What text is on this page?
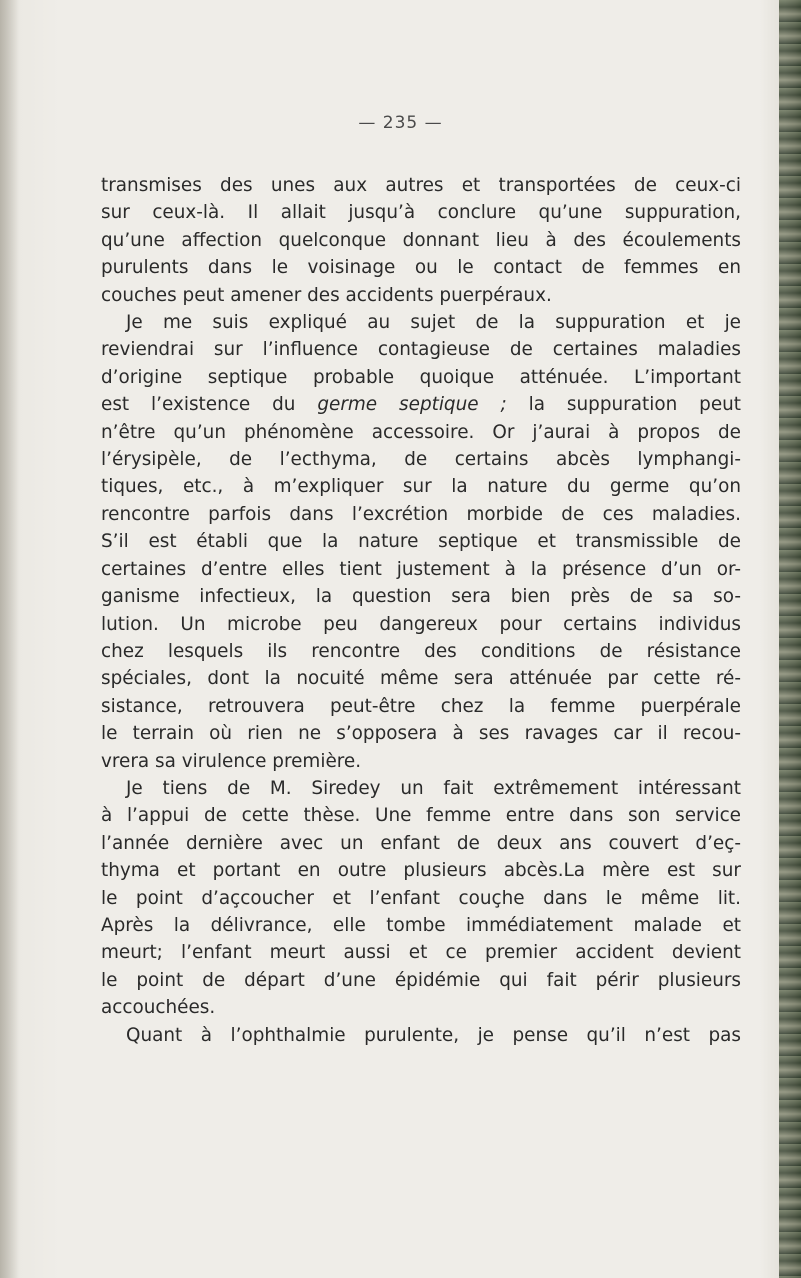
— 235 —
transmises des unes aux autres et transportées de ceux-ci
sur ceux-là. Il allait jusqu’à conclure qu’une suppuration,
qu’une affection quelconque donnant lieu à des écoulements
purulents dans le voisinage ou le contact de femmes en
couches peut amener des accidents puerpéraux.
Je me suis expliqué au sujet de la suppuration et je
reviendrai sur l’influence contagieuse de certaines maladies
d’origine septique probable quoique atténuée. L’important
est l’existence du germe septique ; la suppuration peut
n’être qu’un phénomène accessoire. Or j’aurai à propos de
l’érysipèle, de l’ecthyma, de certains abcès lymphangi-
tiques, etc., à m’expliquer sur la nature du germe qu’on
rencontre parfois dans l’excrétion morbide de ces maladies.
S’il est établi que la nature septique et transmissible de
certaines d’entre elles tient justement à la présence d’un or-
ganisme infectieux, la question sera bien près de sa so-
lution. Un microbe peu dangereux pour certains individus
chez lesquels ils rencontre des conditions de résistance
spéciales, dont la nocuité même sera atténuée par cette ré-
sistance, retrouvera peut-être chez la femme puerpérale
le terrain où rien ne s’opposera à ses ravages car il recou-
vrera sa virulence première.
Je tiens de M. Siredey un fait extrêmement intéressant
à l’appui de cette thèse. Une femme entre dans son service
l’année dernière avec un enfant de deux ans couvert d’eç-
thyma et portant en outre plusieurs abcès.La mère est sur
le point d’açcoucher et l’enfant couçhe dans le même lit.
Après la délivrance, elle tombe immédiatement malade et
meurt; l’enfant meurt aussi et ce premier accident devient
le point de départ d’une épidémie qui fait périr plusieurs
accouchées.
Quant à l’ophthalmie purulente, je pense qu’il n’est pas
